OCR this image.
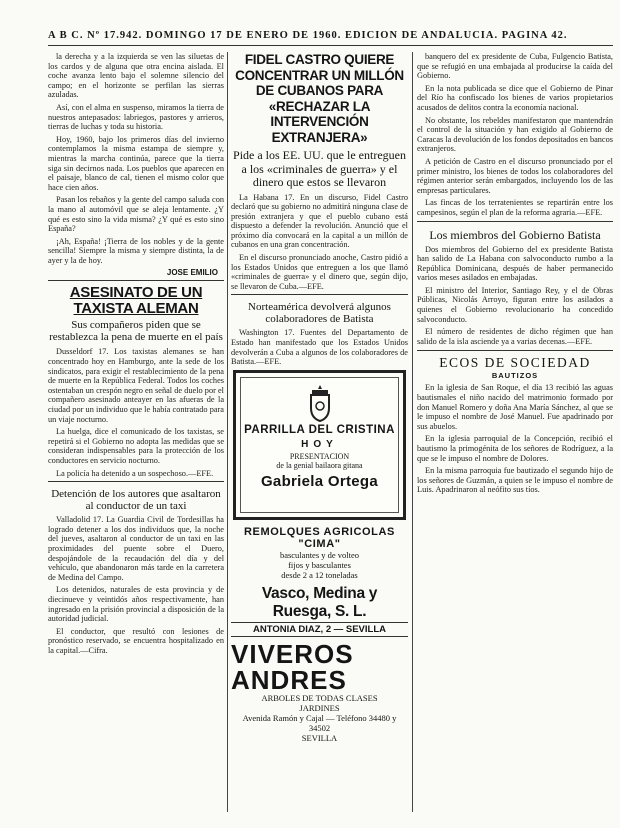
A B C. Nº 17.942. DOMINGO 17 DE ENERO DE 1960. EDICION DE ANDALUCIA. PAGINA 42.

la derecha y a la izquierda se ven las siluetas de los cardos y de alguna que otra encina aislada. El coche avanza lento bajo el solemne silencio del campo; en el horizonte se perfilan las sierras azuladas.

Así, con el alma en suspenso, miramos la tierra de nuestros antepasados: labriegos, pastores y arrieros, tierras de luchas y toda su historia.

Hoy, 1960, bajo los primeros días del invierno contemplamos la misma estampa de siempre y, mientras la marcha continúa, parece que la tierra siga sin decirnos nada. Los pueblos que aparecen en el paisaje, blanco de cal, tienen el mismo color que hace cien años.

Pasan los rebaños y la gente del campo saluda con la mano al automóvil que se aleja lentamente. ¿Y qué es esto sino la vida misma? ¿Y qué es esto sino España?

¡Ah, España! ¡Tierra de los nobles y de la gente sencilla! Siempre la misma y siempre distinta, la de ayer y la de hoy.

JOSE EMILIO
ASESINATO DE UN TAXISTA ALEMAN
Sus compañeros piden que se restablezca la pena de muerte en el país

Dusseldorf 17. Los taxistas alemanes se han concentrado hoy en Hamburgo, ante la sede de los sindicatos, para exigir el restablecimiento de la pena de muerte en la República Federal. Todos los coches ostentaban un crespón negro en señal de duelo por el compañero asesinado anteayer en las afueras de la ciudad por un individuo que le había contratado para un viaje nocturno.

La huelga, dice el comunicado de los taxistas, se repetirá si el Gobierno no adopta las medidas que se consideran indispensables para la protección de los conductores en servicio nocturno.

La policía ha detenido a un sospechoso.—EFE.

Detención de los autores que asaltaron al conductor de un taxi

Valladolid 17. La Guardia Civil de Tordesillas ha logrado detener a los dos individuos que, la noche del jueves, asaltaron al conductor de un taxi en las proximidades del puente sobre el Duero, despojándole de la recaudación del día y del vehículo, que abandonaron más tarde en la carretera de Medina del Campo.

Los detenidos, naturales de esta provincia y de diecinueve y veintidós años respectivamente, han ingresado en la prisión provincial a disposición de la autoridad judicial.

El conductor, que resultó con lesiones de pronóstico reservado, se encuentra hospitalizado en la capital.—Cifra.

FIDEL CASTRO QUIERE CONCENTRAR UN MILLÓN DE CUBANOS PARA «RECHAZAR LA INTERVENCIÓN EXTRANJERA»
Pide a los EE. UU. que le entreguen a los «criminales de guerra» y el dinero que estos se llevaron

La Habana 17. En un discurso, Fidel Castro declaró que su gobierno no admitirá ninguna clase de presión extranjera y que el pueblo cubano está dispuesto a defender la revolución. Anunció que el próximo día convocará en la capital a un millón de cubanos en una gran concentración.

En el discurso pronunciado anoche, Castro pidió a los Estados Unidos que entreguen a los que llamó «criminales de guerra» y el dinero que, según dijo, se llevaron de Cuba.—EFE.

Norteamérica devolverá algunos colaboradores de Batista

Washington 17. Fuentes del Departamento de Estado han manifestado que los Estados Unidos devolverán a Cuba a algunos de los colaboradores de Batista.—EFE.

PARRILLA DEL CRISTINA
HOY
PRESENTACION
de la genial bailaora gitana
Gabriela Ortega
REMOLQUES AGRICOLAS
"CIMA"
basculantes y de volteo
fijos y basculantes
desde 2 a 12 toneladas
Vasco, Medina y Ruesga, S. L.
ANTONIA DIAZ, 2 — SEVILLA
VIVEROS
ANDRES
ARBOLES DE TODAS CLASES
JARDINES
Avenida Ramón y Cajal — Teléfono 34480 y 34502
SEVILLA

banquero del ex presidente de Cuba, Fulgencio Batista, que se refugió en una embajada al producirse la caída del Gobierno.

En la nota publicada se dice que el Gobierno de Pinar del Río ha confiscado los bienes de varios propietarios acusados de delitos contra la economía nacional.

No obstante, los rebeldes manifestaron que mantendrán el control de la situación y han exigido al Gobierno de Caracas la devolución de los fondos depositados en bancos extranjeros.

A petición de Castro en el discurso pronunciado por el primer ministro, los bienes de todos los colaboradores del régimen anterior serán embargados, incluyendo los de las empresas particulares.

Las fincas de los terratenientes se repartirán entre los campesinos, según el plan de la reforma agraria.—EFE.

Los miembros del Gobierno Batista

Dos miembros del Gobierno del ex presidente Batista han salido de La Habana con salvoconducto rumbo a la República Dominicana, después de haber permanecido varios meses asilados en embajadas.

El ministro del Interior, Santiago Rey, y el de Obras Públicas, Nicolás Arroyo, figuran entre los asilados a quienes el Gobierno revolucionario ha concedido salvoconducto.

El número de residentes de dicho régimen que han salido de la isla asciende ya a varias decenas.—EFE.

ECOS DE SOCIEDAD
BAUTIZOS

En la iglesia de San Roque, el día 13 recibió las aguas bautismales el niño nacido del matrimonio formado por don Manuel Romero y doña Ana María Sánchez, al que se le impuso el nombre de José Manuel. Fue apadrinado por sus abuelos.

En la iglesia parroquial de la Concepción, recibió el bautismo la primogénita de los señores de Rodríguez, a la que se le impuso el nombre de Dolores.

En la misma parroquia fue bautizado el segundo hijo de los señores de Guzmán, a quien se le impuso el nombre de Luis. Apadrinaron al neófito sus tíos.
